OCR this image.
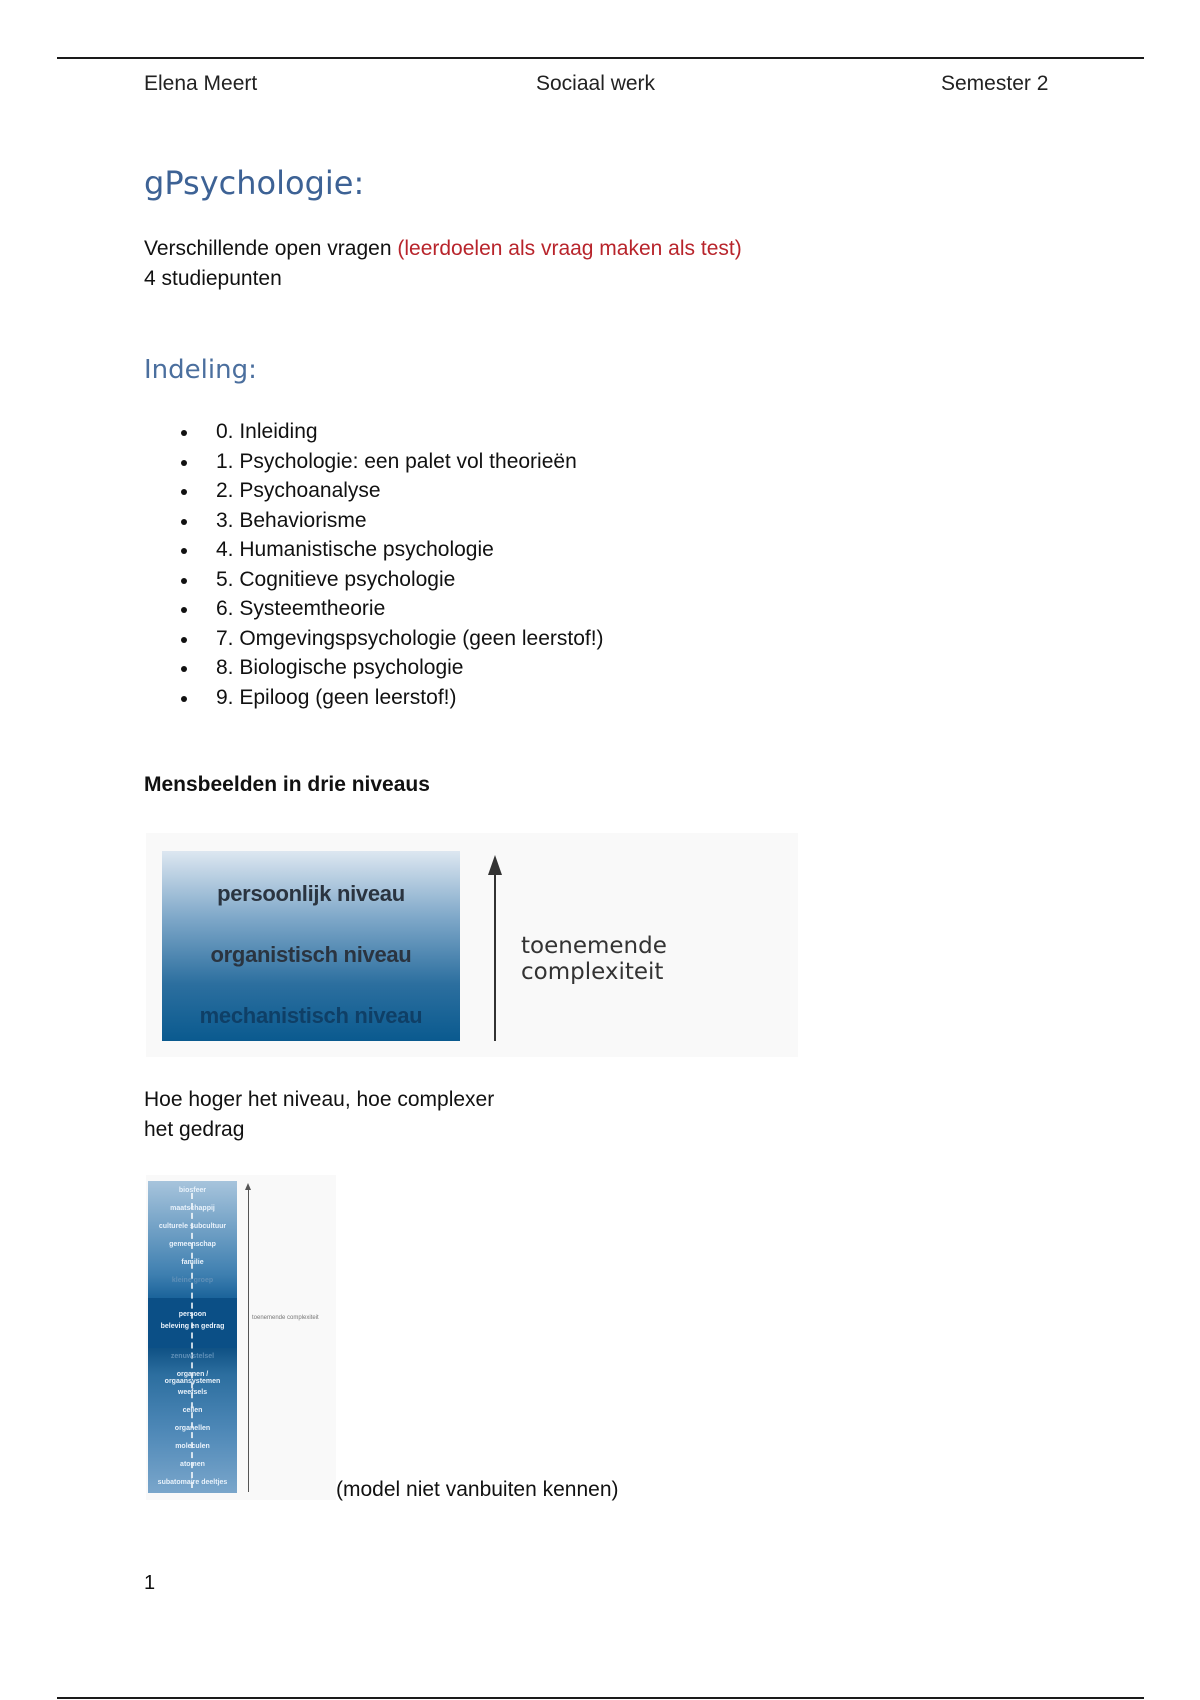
Elena Meert	Sociaal werk	Semester 2
gPsychologie:
Verschillende open vragen (leerdoelen als vraag maken als test)
4 studiepunten
Indeling:
0. Inleiding
1. Psychologie: een palet vol theorieën
2. Psychoanalyse
3. Behaviorisme
4. Humanistische psychologie
5. Cognitieve psychologie
6. Systeemtheorie
7. Omgevingspsychologie (geen leerstof!)
8. Biologische psychologie
9. Epiloog (geen leerstof!)
Mensbeelden in drie niveaus
persoonlijk niveau
organistisch niveau
mechanistisch niveau
toenemende complexiteit
Hoe hoger het niveau, hoe complexer
het gedrag
biosfeer
maatschappij
culturele subcultuur
gemeenschap
familie
kleine groep
persoon
beleving en gedrag
zenuwstelsel
organen / orgaansystemen
weefsels
cellen
organellen
moleculen
atomen
subatomaire deeltjes
toenemende complexiteit
(model niet vanbuiten kennen)
1
